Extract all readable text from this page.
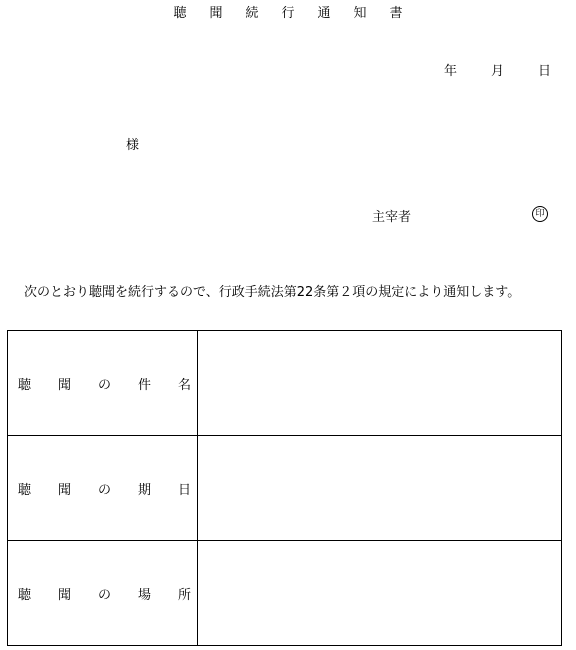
聴 聞 続 行 通 知 書
年	月	日
様
主宰者	印
次のとおり聴聞を続行するので、行政手続法第22条第２項の規定により通知します。
聴 聞 の 件 名	

聴 聞 の 期 日	

聴 聞 の 場 所	
